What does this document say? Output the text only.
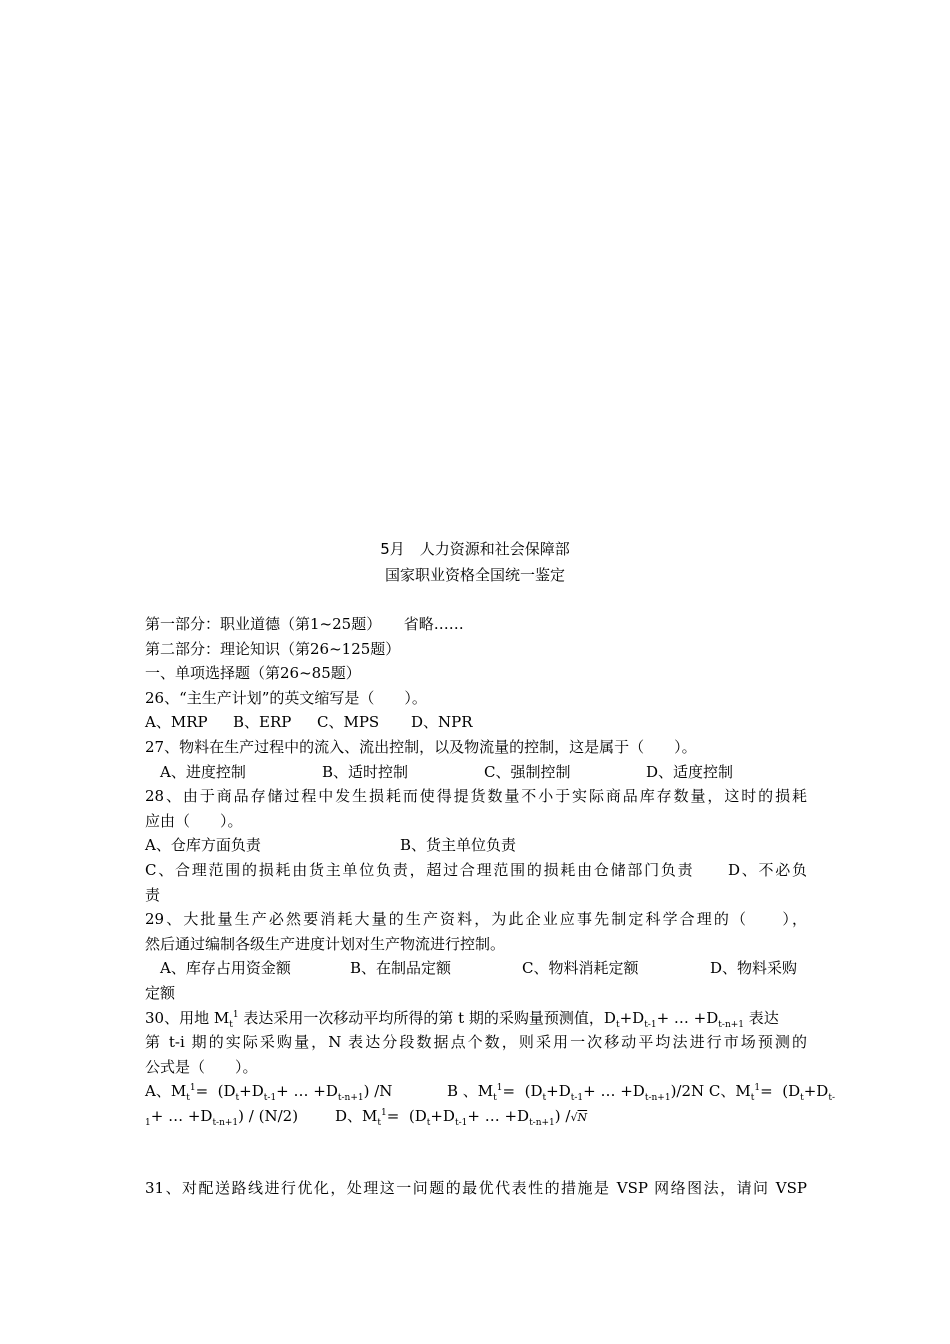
5月　人力资源和社会保障部
国家职业资格全国统一鉴定
第一部分：职业道德（第1~25题）　　省略……
第二部分：理论知识（第26~125题）
一、单项选择题（第26~85题）
26、“主生产计划”的英文缩写是（　　）。
A、MRP B、ERP C、MPS D、NPR
27、物料在生产过程中的流入、流出控制，以及物流量的控制，这是属于（　　）。
A、进度控制	B、适时控制	C、强制控制	D、适度控制
28、由于商品存储过程中发生损耗而使得提货数量不小于实际商品库存数量，这时的损耗
应由（　　）。
A、仓库方面负责	B、货主单位负责
C、合理范围的损耗由货主单位负责，超过合理范围的损耗由仓储部门负责　　D、不必负
责
29、大批量生产必然要消耗大量的生产资料，为此企业应事先制定科学合理的（　　），
然后通过编制各级生产进度计划对生产物流进行控制。
A、库存占用资金额	B、在制品定额	C、物料消耗定额	D、物料采购
定额
30、用地 $M_t^1$ 表达采用一次移动平均所得的第 t 期的采购量预测值，$D_t+D_{t-1}+$ … $+D_{t-n+1}$ 表达
第 t-i 期的实际采购量，N 表达分段数据点个数，则采用一次移动平均法进行市场预测的
公式是（　　）。
A、$M_t^1= (D_t+D_{t-1}+$ … $+D_{t-n+1}$) /N	B 、$M_t^1= (D_t+D_{t-1}+$ … $+D_{t-n+1})/2N$ C、$M_t^1= (D_t+D_{t-}$
$_1$+ … $+D_{t-n+1}) / (N/2)$ D、$M_t^1= (D_t+D_{t-1}+$ … $+D_{t-n+1}$) /√N
31、对配送路线进行优化，处理这一问题的最优代表性的措施是 VSP 网络图法，请问 VSP
